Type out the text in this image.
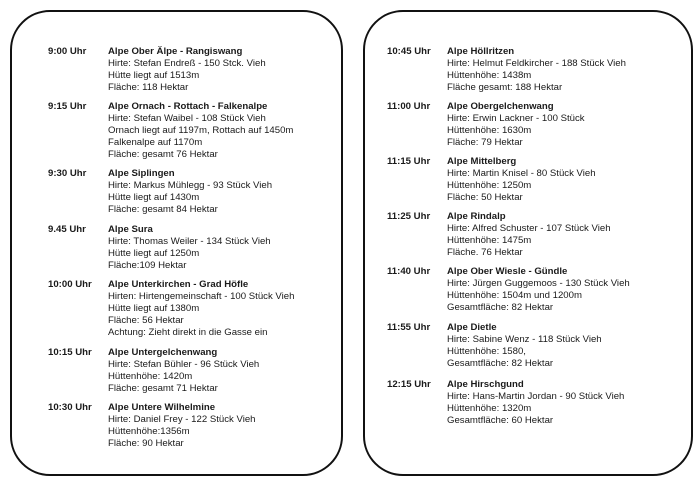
9:00 Uhr Alpe Ober Älpe - Rangiswang
Hirte: Stefan Endreß - 150 Stck. Vieh
Hütte liegt auf 1513m
Fläche: 118 Hektar
9:15 Uhr Alpe Ornach - Rottach - Falkenalpe
Hirte: Stefan Waibel - 108 Stück Vieh
Ornach liegt auf 1197m, Rottach auf 1450m
Falkenalpe auf 1170m
Fläche: gesamt 76 Hektar
9:30 Uhr Alpe Siplingen
Hirte: Markus Mühlegg - 93 Stück Vieh
Hütte liegt auf 1430m
Fläche: gesamt 84 Hektar
9.45 Uhr Alpe Sura
Hirte: Thomas Weiler - 134 Stück Vieh
Hütte liegt auf 1250m
Fläche:109 Hektar
10:00 Uhr Alpe Unterkirchen - Grad Höfle
Hirten: Hirtengemeinschaft - 100 Stück Vieh
Hütte liegt auf 1380m
Fläche: 56 Hektar
Achtung: Zieht direkt in die Gasse ein
10:15 Uhr Alpe Untergelchenwang
Hirte: Stefan Bühler - 96 Stück Vieh
Hüttenhöhe: 1420m
Fläche: gesamt 71 Hektar
10:30 Uhr Alpe Untere Wilhelmine
Hirte: Daniel Frey - 122 Stück Vieh
Hüttenhöhe:1356m
Fläche: 90 Hektar
10:45 Uhr Alpe Höllritzen
Hirte: Helmut Feldkircher - 188 Stück Vieh
Hüttenhöhe: 1438m
Fläche gesamt: 188 Hektar
11:00 Uhr Alpe Obergelchenwang
Hirte: Erwin Lackner - 100 Stück
Hüttenhöhe: 1630m
Fläche: 79 Hektar
11:15 Uhr Alpe Mittelberg
Hirte: Martin Knisel - 80 Stück Vieh
Hüttenhöhe: 1250m
Fläche: 50 Hektar
11:25 Uhr Alpe Rindalp
Hirte: Alfred Schuster - 107 Stück Vieh
Hüttenhöhe: 1475m
Fläche. 76 Hektar
11:40 Uhr Alpe Ober Wiesle - Gündle
Hirte: Jürgen Guggemoos - 130 Stück Vieh
Hüttenhöhe: 1504m und 1200m
Gesamtfläche: 82 Hektar
11:55 Uhr Alpe Dietle
Hirte: Sabine Wenz - 118 Stück Vieh
Hüttenhöhe: 1580,
Gesamtfläche: 82 Hektar
12:15 Uhr Alpe Hirschgund
Hirte: Hans-Martin Jordan - 90 Stück Vieh
Hüttenhöhe: 1320m
Gesamtfläche: 60 Hektar
